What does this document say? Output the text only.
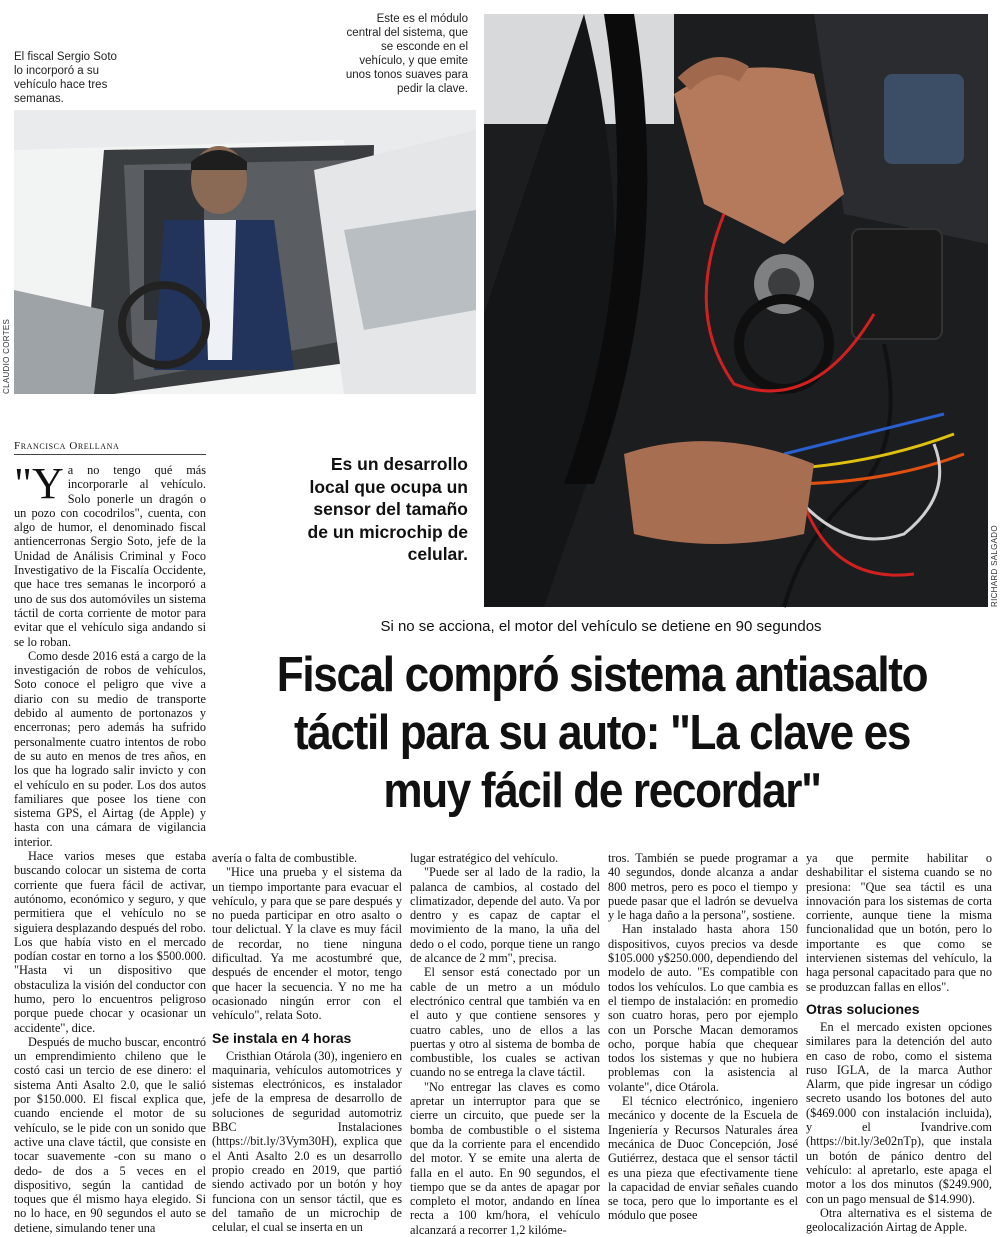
El fiscal Sergio Soto
lo incorporó a su
vehículo hace tres
semanas.
Este es el módulo
central del sistema, que
se esconde en el
vehículo, y que emite
unos tonos suaves para
pedir la clave.
CLAUDIO CORTES
RICHARD SALGADO
Francisca Orellana
Es un desarrollo
local que ocupa un
sensor del tamaño
de un microchip de
celular.
Si no se acciona, el motor del vehículo se detiene en 90 segundos
Fiscal compró sistema antiasalto
táctil para su auto: "La clave es
muy fácil de recordar"

"Ya no tengo qué más incorporarle al vehículo. Solo ponerle un dragón o un pozo con cocodrilos", cuenta, con algo de humor, el denominado fiscal antiencerronas Sergio Soto, jefe de la Unidad de Análisis Criminal y Foco Investigativo de la Fiscalía Occidente, que hace tres semanas le incorporó a uno de sus dos automóviles un sistema táctil de corta corriente de motor para evitar que el vehículo siga andando si se lo roban.

Como desde 2016 está a cargo de la investigación de robos de vehículos, Soto conoce el peligro que vive a diario con su medio de transporte debido al aumento de portonazos y encerronas; pero además ha sufrido personalmente cuatro intentos de robo de su auto en menos de tres años, en los que ha logrado salir invicto y con el vehículo en su poder. Los dos autos familiares que posee los tiene con sistema GPS, el Airtag (de Apple) y hasta con una cámara de vigilancia interior.

Hace varios meses que estaba buscando colocar un sistema de corta corriente que fuera fácil de activar, autónomo, económico y seguro, y que permitiera que el vehículo no se siguiera desplazando después del robo. Los que había visto en el mercado podían costar en torno a los $500.000. "Hasta vi un dispositivo que obstaculiza la visión del conductor con humo, pero lo encuentros peligroso porque puede chocar y ocasionar un accidente", dice.

Después de mucho buscar, encontró un emprendimiento chileno que le costó casi un tercio de ese dinero: el sistema Anti Asalto 2.0, que le salió por $150.000. El fiscal explica que, cuando enciende el motor de su vehículo, se le pide con un sonido que active una clave táctil, que consiste en tocar suavemente -con su mano o dedo- de dos a 5 veces en el dispositivo, según la cantidad de toques que él mismo haya elegido. Si no lo hace, en 90 segundos el auto se detiene, simulando tener una

avería o falta de combustible.

"Hice una prueba y el sistema da un tiempo importante para evacuar el vehículo, y para que se pare después y no pueda participar en otro asalto o tour delictual. Y la clave es muy fácil de recordar, no tiene ninguna dificultad. Ya me acostumbré que, después de encender el motor, tengo que hacer la secuencia. Y no me ha ocasionado ningún error con el vehículo", relata Soto.

Se instala en 4 horas

Cristhian Otárola (30), ingeniero en maquinaria, vehículos automotrices y sistemas electrónicos, es instalador jefe de la empresa de desarrollo de soluciones de seguridad automotriz BBC Instalaciones (https://bit.ly/3Vym30H), explica que el Anti Asalto 2.0 es un desarrollo propio creado en 2019, que partió siendo activado por un botón y hoy funciona con un sensor táctil, que es del tamaño de un microchip de celular, el cual se inserta en un

lugar estratégico del vehículo.

"Puede ser al lado de la radio, la palanca de cambios, al costado del climatizador, depende del auto. Va por dentro y es capaz de captar el movimiento de la mano, la uña del dedo o el codo, porque tiene un rango de alcance de 2 mm", precisa.

El sensor está conectado por un cable de un metro a un módulo electrónico central que también va en el auto y que contiene sensores y cuatro cables, uno de ellos a las puertas y otro al sistema de bomba de combustible, los cuales se activan cuando no se entrega la clave táctil.

"No entregar las claves es como apretar un interruptor para que se cierre un circuito, que puede ser la bomba de combustible o el sistema que da la corriente para el encendido del motor. Y se emite una alerta de falla en el auto. En 90 segundos, el tiempo que se da antes de apagar por completo el motor, andando en línea recta a 100 km/hora, el vehículo alcanzará a recorrer 1,2 kilóme-

tros. También se puede programar a 40 segundos, donde alcanza a andar 800 metros, pero es poco el tiempo y puede pasar que el ladrón se devuelva y le haga daño a la persona", sostiene.

Han instalado hasta ahora 150 dispositivos, cuyos precios va desde $105.000 y$250.000, dependiendo del modelo de auto. "Es compatible con todos los vehículos. Lo que cambia es el tiempo de instalación: en promedio son cuatro horas, pero por ejemplo con un Porsche Macan demoramos ocho, porque había que chequear todos los sistemas y que no hubiera problemas con la asistencia al volante", dice Otárola.

El técnico electrónico, ingeniero mecánico y docente de la Escuela de Ingeniería y Recursos Naturales área mecánica de Duoc Concepción, José Gutiérrez, destaca que el sensor táctil es una pieza que efectivamente tiene la capacidad de enviar señales cuando se toca, pero que lo importante es el módulo que posee

ya que permite habilitar o deshabilitar el sistema cuando se no presiona: "Que sea táctil es una innovación para los sistemas de corta corriente, aunque tiene la misma funcionalidad que un botón, pero lo importante es que como se intervienen sistemas del vehículo, la haga personal capacitado para que no se produzcan fallas en ellos".

Otras soluciones

En el mercado existen opciones similares para la detención del auto en caso de robo, como el sistema ruso IGLA, de la marca Author Alarm, que pide ingresar un código secreto usando los botones del auto ($469.000 con instalación incluida), y el Ivandrive.com (https://bit.ly/3e02nTp), que instala un botón de pánico dentro del vehículo: al apretarlo, este apaga el motor a los dos minutos ($249.900, con un pago mensual de $14.990).

Otra alternativa es el sistema de geolocalización Airtag de Apple.
